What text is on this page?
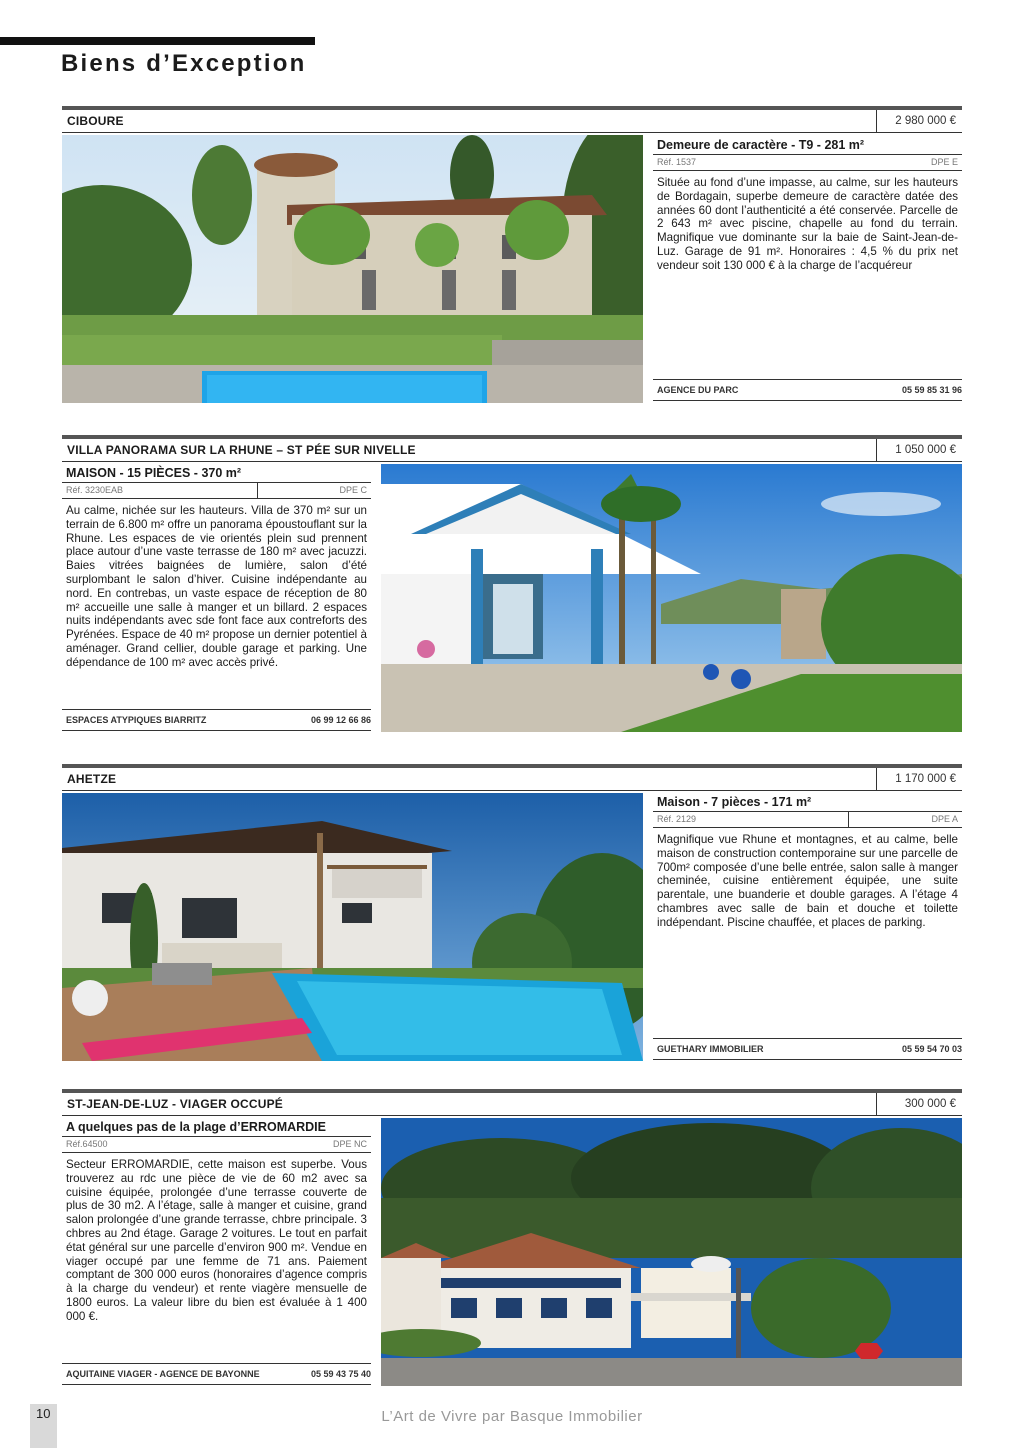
Biens d’Exception
CIBOURE	2 980 000 €
Demeure de caractère - T9 - 281 m²
Réf. 1537	DPE E
Située au fond d’une impasse, au calme, sur les hauteurs de Bordagain, superbe demeure de caractère datée des années 60 dont l’authenticité a été conservée. Parcelle de 2 643 m² avec piscine, chapelle au fond du terrain. Magnifique vue dominante sur la baie de Saint-Jean-de-Luz. Garage de 91 m². Honoraires : 4,5 % du prix net vendeur soit 130 000 € à la charge de l’acquéreur
AGENCE DU PARC	05 59 85 31 96
VILLA PANORAMA SUR LA RHUNE – ST PÉE SUR NIVELLE	1 050 000 €
MAISON - 15 PIÈCES - 370 m²
Réf. 3230EAB	DPE C
Au calme, nichée sur les hauteurs. Villa de 370 m² sur un terrain de 6.800 m² offre un panorama époustouflant sur la Rhune. Les espaces de vie orientés plein sud prennent place autour d’une vaste terrasse de 180 m² avec jacuzzi. Baies vitrées baignées de lumière, salon d’été surplombant le salon d’hiver. Cuisine indépendante au nord. En contrebas, un vaste espace de réception de 80 m² accueille une salle à manger et un billard. 2 espaces nuits indépendants avec sde font face aux contreforts des Pyrénées. Espace de 40 m² propose un dernier potentiel à aménager. Grand cellier, double garage et parking. Une dépendance de 100 m² avec accès privé.
ESPACES ATYPIQUES BIARRITZ	06 99 12 66 86
AHETZE	1 170 000 €
Maison - 7 pièces - 171 m²
Réf. 2129	DPE A
Magnifique vue Rhune et montagnes, et au calme, belle maison de construction contemporaine sur une parcelle de 700m² composée d’une belle entrée, salon salle à manger cheminée, cuisine entièrement équipée, une suite parentale, une buanderie et double garages. A l’étage 4 chambres avec salle de bain et douche et toilette indépendant. Piscine chauffée, et places de parking.
GUETHARY IMMOBILIER	05 59 54 70 03
ST-JEAN-DE-LUZ - VIAGER OCCUPÉ	300 000 €
A quelques pas de la plage d’ERROMARDIE
Réf.64500	DPE NC
Secteur ERROMARDIE, cette maison est superbe. Vous trouverez au rdc une pièce de vie de 60 m2 avec sa cuisine équipée, prolongée d’une terrasse couverte de plus de 30 m2. A l’étage, salle à manger et cuisine, grand salon prolongée d’une grande terrasse, chbre principale. 3 chbres au 2nd étage. Garage 2 voitures. Le tout en parfait état général sur une parcelle d’environ 900 m². Vendue en viager occupé par une femme de 71 ans. Paiement comptant de 300 000 euros (honoraires d’agence compris à la charge du vendeur) et rente viagère mensuelle de 1800 euros. La valeur libre du bien est évaluée à 1 400 000 €.
AQUITAINE VIAGER - AGENCE DE BAYONNE	05 59 43 75 40
10	L’Art de Vivre par Basque Immobilier
